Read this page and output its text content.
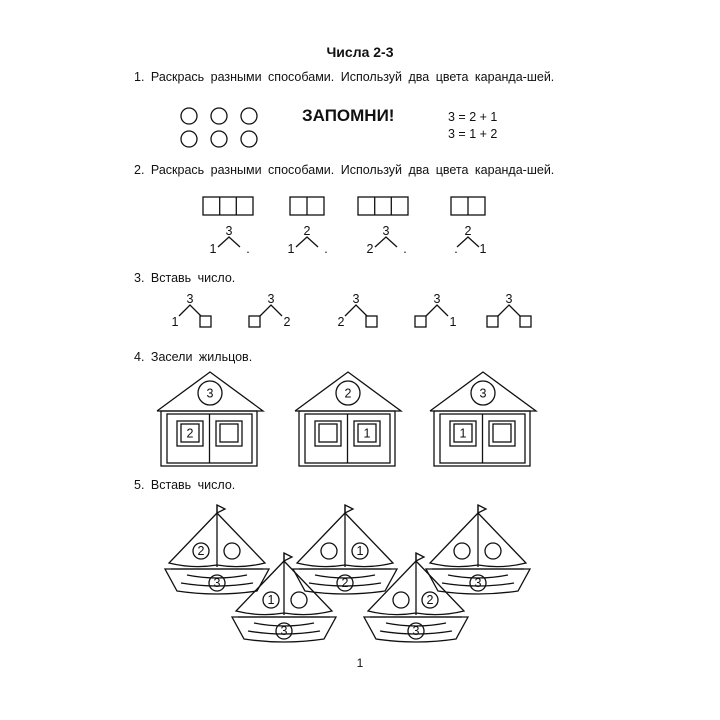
Числа 2-3
1. Раскрась разными способами. Используй два цвета каранда-шей.
ЗАПОМНИ!	3 = 2 + 1
3 = 1 + 2
2. Раскрась разными способами. Используй два цвета каранда-шей.
3. Вставь число.
4. Засели жильцов.
5. Вставь число.
3
1 .
2
1 .
3
2 .
2
. 1
3
1
3
2
3
2
3
1
3
3
2
2
1
3
1
2
3
1
2	3
1
3
2
3
1
